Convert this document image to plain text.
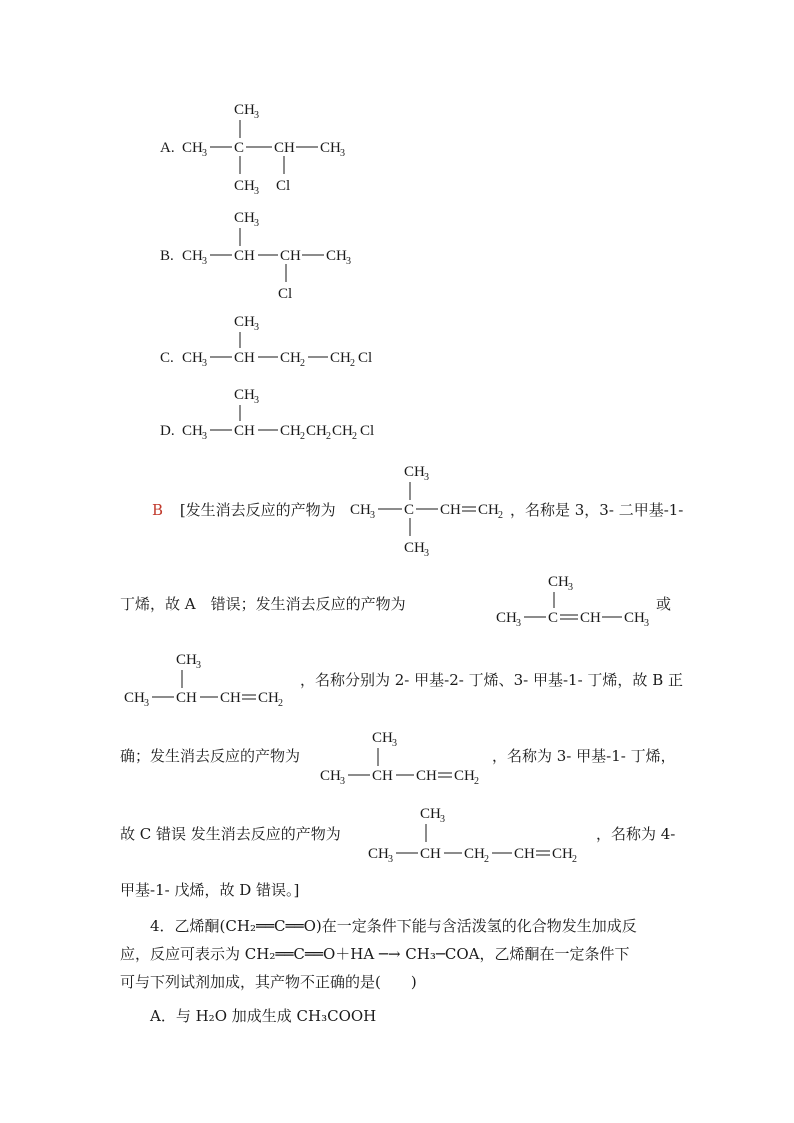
A.
CH 3
CH 3 C CH CH 3
CH 3 Cl
B.
CH 3
CH 3 CH CH CH 3
Cl
C.
CH 3
CH 3 CH CH 2 CH 2 Cl
D.
CH 3
CH 3 CH CH 2 CH 2 CH 2 Cl
B [发生消去反应的产物为
CH 3
CH 3 C CH CH 2
CH 3
，名称是 3，3- 二甲基-1-
丁烯，故 A　错误；发生消去反应的产物为
CH 3
CH 3 C CH CH 3
或
CH 3
CH 3 CH CH CH 2
，名称分别为 2- 甲基-2- 丁烯、3- 甲基-1- 丁烯，故 B 正
确；发生消去反应的产物为
CH 3
CH 3 CH CH CH 2
，名称为 3- 甲基-1- 丁烯，
故 C 错误 发生消去反应的产物为
CH 3
CH 3 CH CH 2 CH CH 2
，名称为 4-
甲基-1- 戊烯，故 D 错误。]
4．乙烯酮(CH₂══C══O)在一定条件下能与含活泼氢的化合物发生加成反
应，反应可表示为 CH₂══C══O＋HA ─→ CH₃─COA，乙烯酮在一定条件下
可与下列试剂加成，其产物不正确的是(　　)
A．与 H₂O 加成生成 CH₃COOH
